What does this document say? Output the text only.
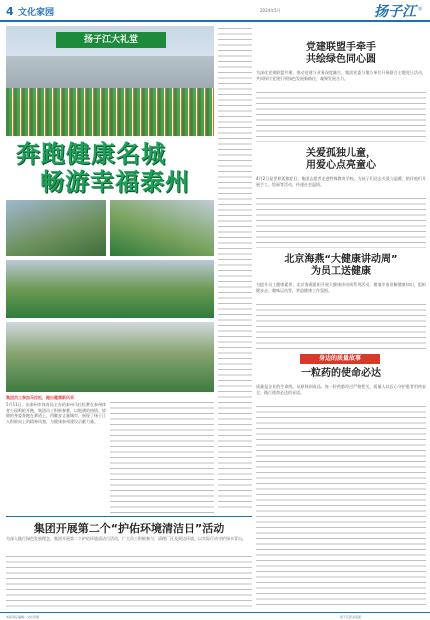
4 文化家园	2024年5月	扬子江 報
扬子江大礼堂
奔跑健康名城
畅游幸福泰州
集团员工参加马拉松，跑出健康新风采
5月11日，由泰州市体育局主办的泰州马拉松赛在泰州体育公园鸣枪开跑。集团员工积极参赛，以饱满的热情、矫健的身姿奔跑在赛道上，用脚步丈量城市，展现了扬子江人积极向上的精神风貌，为健康泰州建设贡献力量。
党建联盟手牵手
共绘绿色同心圆
为深化党建联盟共建，推动党建与业务深度融合，集团党委与地方单位开展联合主题党日活动，共同探讨党建引领绿色发展新路径，凝聚发展合力。
关爱孤独儿童，
用爱心点亮童心
4月2日是世界孤独症日，集团志愿者走进特殊教育学校，为孩子们送去关爱与温暖，陪伴他们开展手工、绘画等活动，传递社会温情。
北京海燕“大健康讲动周”
为员工送健康
为提升员工健康素养，北京海燕组织开展大健康讲动周系列活动，邀请专家讲解健康知识，组织健步走、趣味运动等，营造健康工作氛围。
身边的质量故事
一粒药的使命必达
质量是企业的生命线。从原料到成品，每一粒药都经过严格把关，质量人以匠心守护患者用药安全，践行使命必达的承诺。
集团开展第二个“护佑环境清洁日”活动
为深入践行绿色发展理念，集团开展第二个护佑环境清洁日活动，广大员工积极参与，清理厂区及周边环境，以实际行动守护绿水青山。
本版责任编辑：文化家园	扬子江药业集团
